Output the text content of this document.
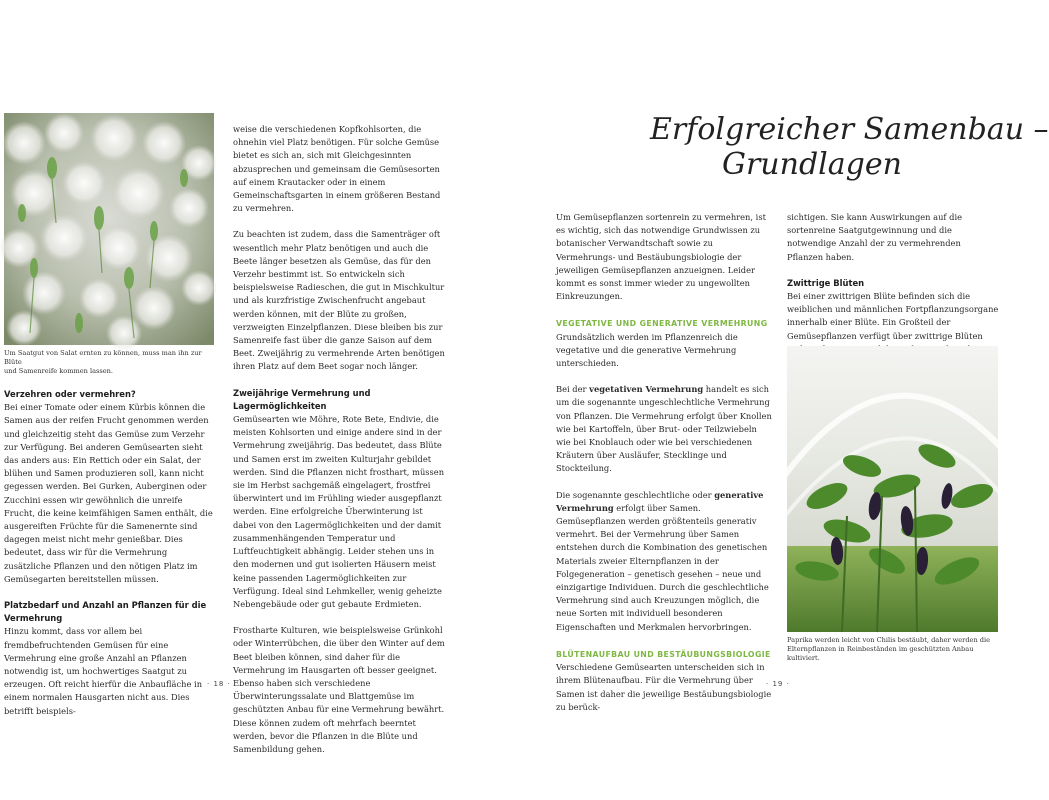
Um Saatgut von Salat ernten zu können, muss man ihn zur Blüte
und Samenreife kommen lassen.
Verzehren oder vermehren?

Bei einer Tomate oder einem Kürbis können die Samen aus der reifen Frucht genommen werden und gleichzeitig steht das Gemüse zum Verzehr zur Verfügung. Bei anderen Gemüsearten sieht das anders aus: Ein Rettich oder ein Salat, der blühen und Samen produzieren soll, kann nicht gegessen werden. Bei Gurken, Auberginen oder Zucchini essen wir gewöhnlich die unreife Frucht, die keine keimfähigen Samen enthält, die ausgereiften Früchte für die Samenernte sind dagegen meist nicht mehr genießbar. Dies bedeutet, dass wir für die Vermehrung zusätzliche Pflanzen und den nötigen Platz im Gemüsegarten bereitstellen müssen.

Platzbedarf und Anzahl an Pflanzen für die
Vermehrung

Hinzu kommt, dass vor allem bei fremdbefruchtenden Gemüsen für eine Vermehrung eine große Anzahl an Pflanzen notwendig ist, um hochwertiges Saatgut zu erzeugen. Oft reicht hierfür die Anbaufläche in einem normalen Hausgarten nicht aus. Dies betrifft beispiels-

weise die verschiedenen Kopfkohlsorten, die ohnehin viel Platz benötigen. Für solche Gemüse bietet es sich an, sich mit Gleichgesinnten abzusprechen und gemeinsam die Gemüsesorten auf einem Krautacker oder in einem Gemeinschaftsgarten in einem größeren Bestand zu vermehren.

Zu beachten ist zudem, dass die Samenträger oft wesentlich mehr Platz benötigen und auch die Beete länger besetzen als Gemüse, das für den Verzehr bestimmt ist. So entwickeln sich beispielsweise Radieschen, die gut in Mischkultur und als kurzfristige Zwischenfrucht angebaut werden können, mit der Blüte zu großen, verzweigten Einzelpflanzen. Diese bleiben bis zur Samenreife fast über die ganze Saison auf dem Beet. Zweijährig zu vermehrende Arten benötigen ihren Platz auf dem Beet sogar noch länger.

Zweijährige Vermehrung und Lagermöglichkeiten

Gemüsearten wie Möhre, Rote Bete, Endivie, die meisten Kohlsorten und einige andere sind in der Vermehrung zweijährig. Das bedeutet, dass Blüte und Samen erst im zweiten Kulturjahr gebildet werden. Sind die Pflanzen nicht frosthart, müssen sie im Herbst sachgemäß eingelagert, frostfrei überwintert und im Frühling wieder ausgepflanzt werden. Eine erfolgreiche Überwinterung ist dabei von den Lagermöglichkeiten und der damit zusammenhängenden Temperatur und Luftfeuchtigkeit abhängig. Leider stehen uns in den modernen und gut isolierten Häusern meist keine passenden Lagermöglichkeiten zur Verfügung. Ideal sind Lehmkeller, wenig geheizte Nebengebäude oder gut gebaute Erdmieten.

Frostharte Kulturen, wie beispielsweise Grünkohl oder Winterrübchen, die über den Winter auf dem Beet bleiben können, sind daher für die Vermehrung im Hausgarten oft besser geeignet. Ebenso haben sich verschiedene Überwinterungssalate und Blattgemüse im geschützten Anbau für eine Vermehrung bewährt. Diese können zudem oft mehrfach beerntet werden, bevor die Pflanzen in die Blüte und Samenbildung gehen.

· 18 ·
Erfolgreicher Samenbau –
Grundlagen

Um Gemüsepflanzen sortenrein zu vermehren, ist es wichtig, sich das notwendige Grundwissen zu botanischer Verwandtschaft sowie zu Vermehrungs- und Bestäubungsbiologie der jeweiligen Gemüsepflanzen anzueignen. Leider kommt es sonst immer wieder zu ungewollten Einkreuzungen.

VEGETATIVE UND GENERATIVE VERMEHRUNG

Grundsätzlich werden im Pflanzenreich die vegetative und die generative Vermehrung unterschieden.

Bei der vegetativen Vermehrung handelt es sich um die sogenannte ungeschlechtliche Vermehrung von Pflanzen. Die Vermehrung erfolgt über Knollen wie bei Kartoffeln, über Brut- oder Teilzwiebeln wie bei Knoblauch oder wie bei verschiedenen Kräutern über Ausläufer, Stecklinge und Stockteilung.

Die sogenannte geschlechtliche oder generative Vermehrung erfolgt über Samen. Gemüsepflanzen werden größtenteils generativ vermehrt. Bei der Vermehrung über Samen entstehen durch die Kombination des genetischen Materials zweier Elternpflanzen in der Folgegeneration – genetisch gesehen – neue und einzigartige Individuen. Durch die geschlechtliche Vermehrung sind auch Kreuzungen möglich, die neue Sorten mit individuell besonderen Eigenschaften und Merkmalen hervorbringen.

BLÜTENAUFBAU UND BESTÄUBUNGSBIOLOGIE

Verschiedene Gemüsearten unterscheiden sich in ihrem Blütenaufbau. Für die Vermehrung über Samen ist daher die jeweilige Bestäubungsbiologie zu berück-

sichtigen. Sie kann Auswirkungen auf die sortenreine Saatgutgewinnung und die notwendige Anzahl der zu vermehrenden Pflanzen haben.

Zwittrige Blüten

Bei einer zwittrigen Blüte befinden sich die weiblichen und männlichen Fortpflanzungsorgane innerhalb einer Blüte. Ein Großteil der Gemüsepflanzen verfügt über zwittrige Blüten

Paprika werden leicht von Chilis bestäubt, daher werden die Elternpflanzen in Reinbeständen im geschützten Anbau kultiviert.
· 19 ·
